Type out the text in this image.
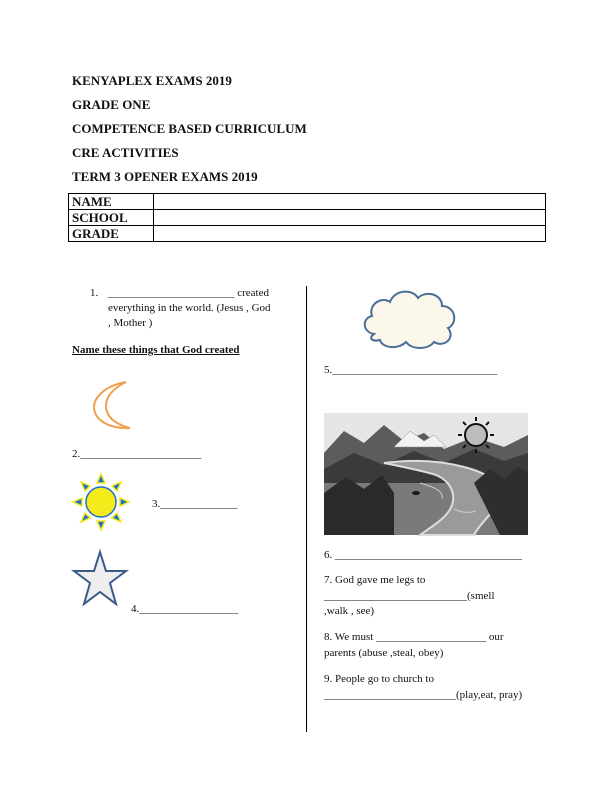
KENYAPLEX EXAMS 2019
GRADE ONE
COMPETENCE BASED CURRICULUM
CRE ACTIVITIES
TERM 3 OPENER EXAMS 2019
NAME	
SCHOOL	
GRADE	
1. _______________________ created
everything in the world. (Jesus , God
, Mother )
Name these things that God created
2.______________________
3.______________
4.__________________
5.______________________________
6. __________________________________
7. God gave me legs to
__________________________(smell
,walk , see)
8. We must ____________________ our
parents (abuse ,steal, obey)
9. People go to church to
________________________(play,eat, pray)
